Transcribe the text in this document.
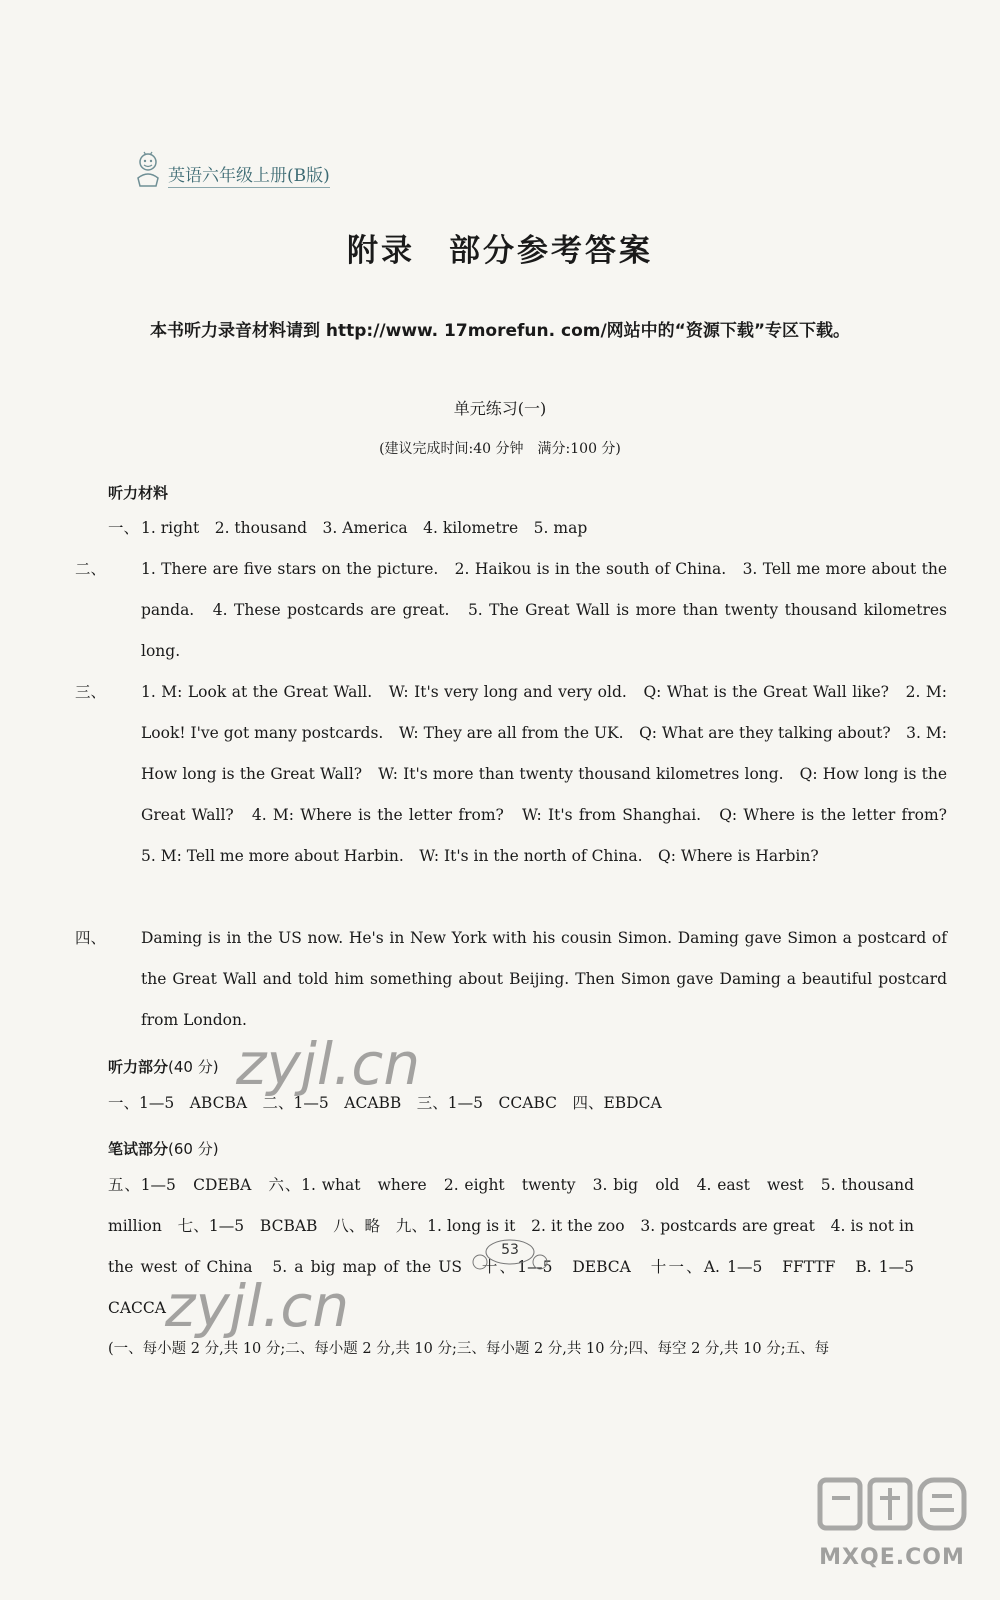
英语六年级上册(B版)
附录　部分参考答案
本书听力录音材料请到 http://www. 17morefun. com/网站中的“资源下载”专区下载。
单元练习(一)
(建议完成时间:40 分钟　满分:100 分)
听力材料
一、 1. right　2. thousand　3. America　4. kilometre　5. map
二、 1. There are five stars on the picture.　2. Haikou is in the south of China.　3. Tell me more about the panda.　4. These postcards are great.　5. The Great Wall is more than twenty thousand kilometres long.
三、 1. M: Look at the Great Wall.　W: It's very long and very old.　Q: What is the Great Wall like?　2. M: Look! I've got many postcards.　W: They are all from the UK.　Q: What are they talking about?　3. M: How long is the Great Wall?　W: It's more than twenty thousand kilometres long.　Q: How long is the Great Wall?　4. M: Where is the letter from?　W: It's from Shanghai.　Q: Where is the letter from?　5. M: Tell me more about Harbin.　W: It's in the north of China.　Q: Where is Harbin?
四、 Daming is in the US now. He's in New York with his cousin Simon. Daming gave Simon a postcard of the Great Wall and told him something about Beijing. Then Simon gave Daming a beautiful postcard from London.
听力部分(40 分)
一、1—5　ABCBA　二、1—5　ACABB　三、1—5　CCABC　四、EBDCA
笔试部分(60 分)
五、1—5　CDEBA　六、1. what　where　2. eight　twenty　3. big　old　4. east　west　5. thousand million　七、1—5　BCBAB　八、略　九、1. long is it　2. it the zoo　3. postcards are great　4. is not in the west of China　5. a big map of the US　十、1—5　DEBCA　十一、A. 1—5　FFTTF　B. 1—5 CACCA
(一、每小题 2 分,共 10 分;二、每小题 2 分,共 10 分;三、每小题 2 分,共 10 分;四、每空 2 分,共 10 分;五、每
53
zyjl.cn
zyjl.cn
MXQE.COM
